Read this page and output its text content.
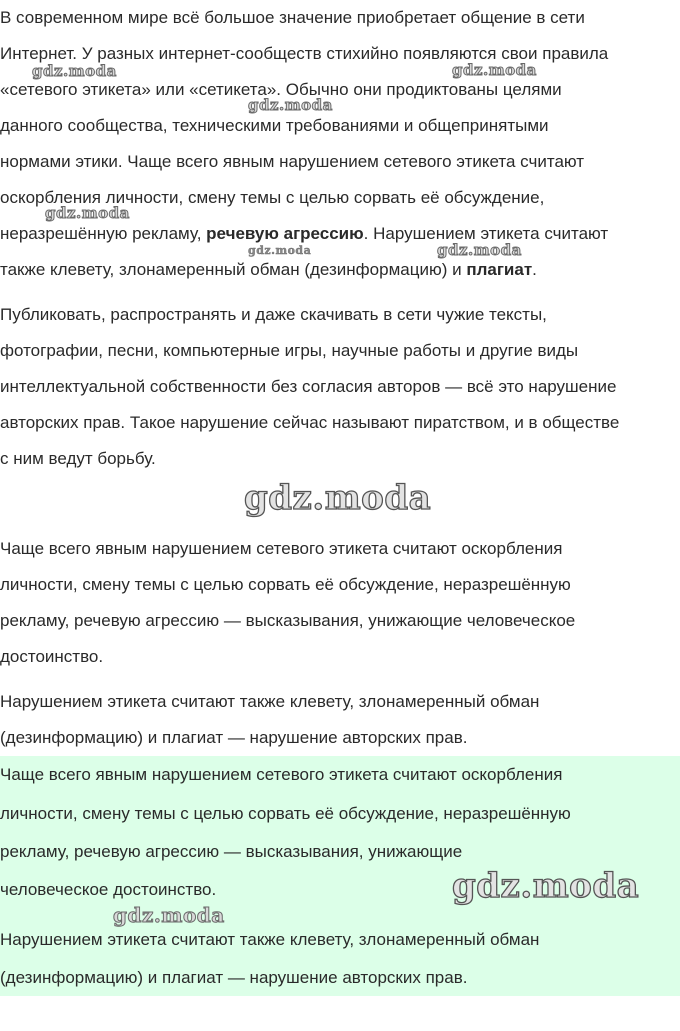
В современном мире всё большое значение приобретает общение в сети
Интернет. У разных интернет-сообществ стихийно появляются свои правила
«сетевого этикета» или «сетикета». Обычно они продиктованы целями
данного сообщества, техническими требованиями и общепринятыми
нормами этики. Чаще всего явным нарушением сетевого этикета считают
оскорбления личности, смену темы с целью сорвать её обсуждение,
неразрешённую рекламу, речевую агрессию. Нарушением этикета считают
также клевету, злонамеренный обман (дезинформацию) и плагиат.
Публиковать, распространять и даже скачивать в сети чужие тексты,
фотографии, песни, компьютерные игры, научные работы и другие виды
интеллектуальной собственности без согласия авторов — всё это нарушение
авторских прав. Такое нарушение сейчас называют пиратством, и в обществе
с ним ведут борьбу.
Чаще всего явным нарушением сетевого этикета считают оскорбления
личности, смену темы с целью сорвать её обсуждение, неразрешённую
рекламу, речевую агрессию — высказывания, унижающие человеческое
достоинство.
Нарушением этикета считают также клевету, злонамеренный обман
(дезинформацию) и плагиат — нарушение авторских прав.
Чаще всего явным нарушением сетевого этикета считают оскорбления
личности, смену темы с целью сорвать её обсуждение, неразрешённую
рекламу, речевую агрессию — высказывания, унижающие
человеческое достоинство.
Нарушением этикета считают также клевету, злонамеренный обман
(дезинформацию) и плагиат — нарушение авторских прав.
gdz.moda	gdz.moda
gdz.moda
gdz.moda
gdz.moda	gdz.moda
gdz.moda
gdz.moda
gdz.moda
